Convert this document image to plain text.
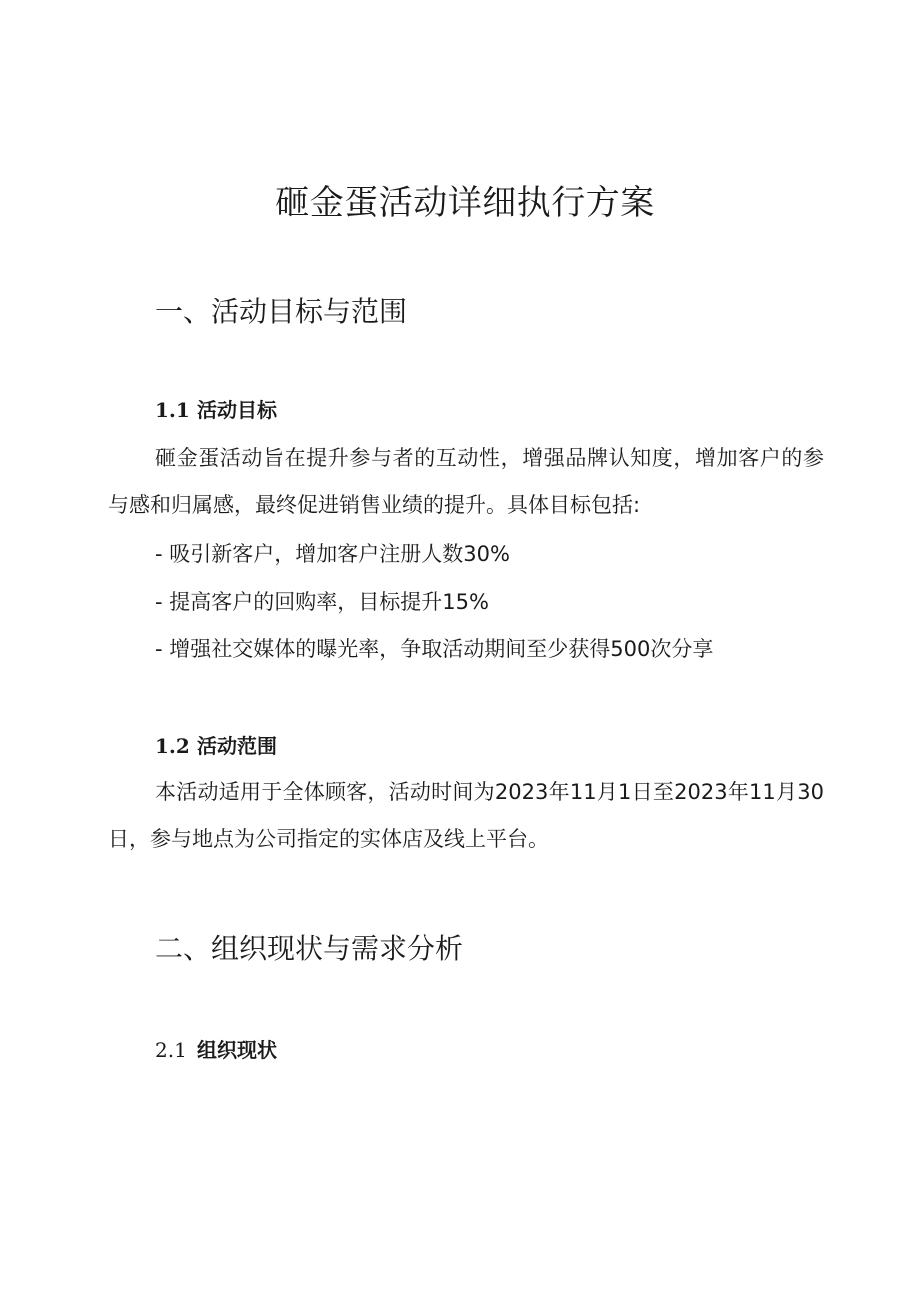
砸金蛋活动详细执行方案
一、活动目标与范围
1.1 活动目标

砸金蛋活动旨在提升参与者的互动性，增强品牌认知度，增加客户的参与感和归属感，最终促进销售业绩的提升。具体目标包括:

- 吸引新客户，增加客户注册人数30%
- 提高客户的回购率，目标提升15%
- 增强社交媒体的曝光率，争取活动期间至少获得500次分享
1.2 活动范围

本活动适用于全体顾客，活动时间为2023年11月1日至2023年11月30日，参与地点为公司指定的实体店及线上平台。

二、组织现状与需求分析
2.1 组织现状
